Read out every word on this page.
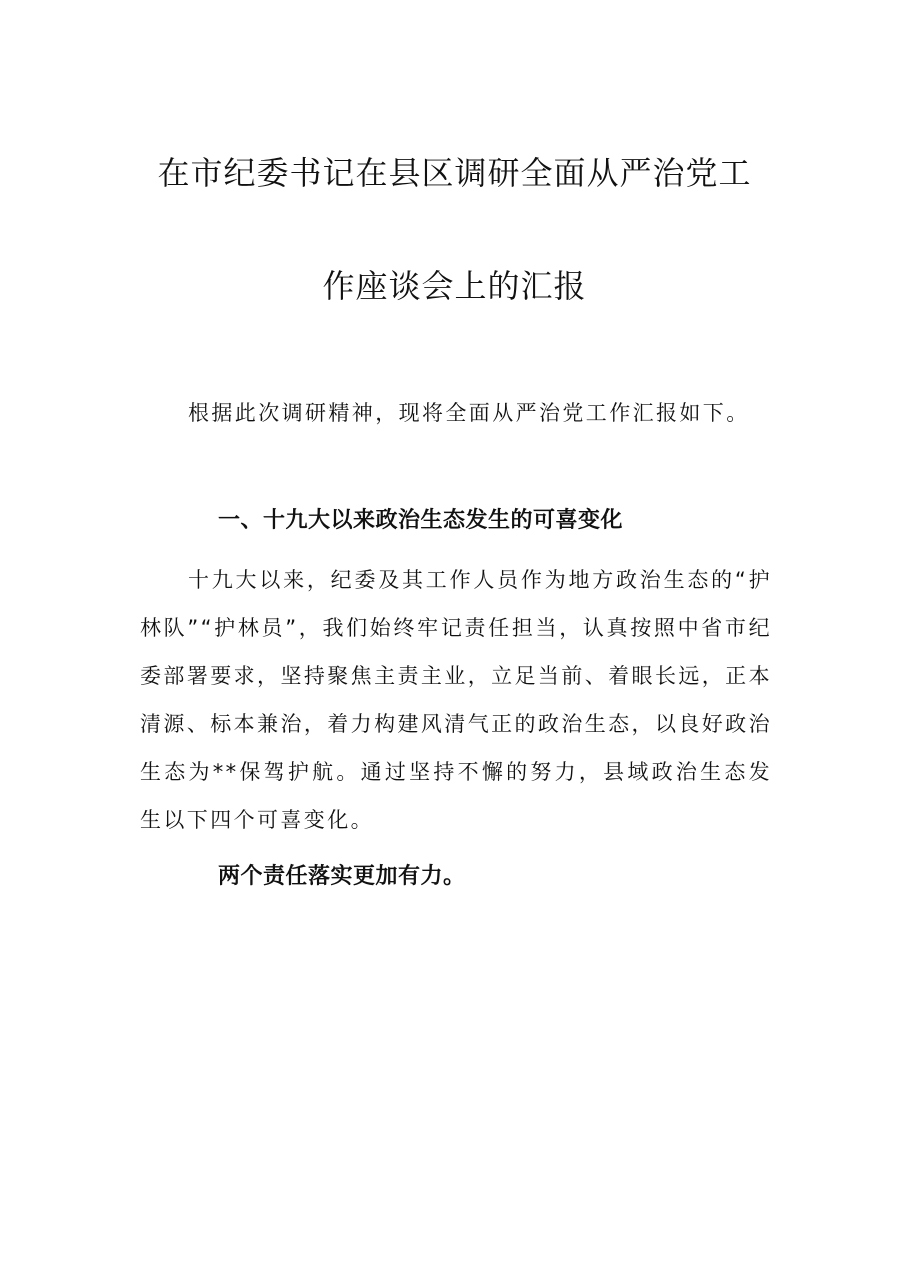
在市纪委书记在县区调研全面从严治党工
作座谈会上的汇报
根据此次调研精神，现将全面从严治党工作汇报如下。
一、十九大以来政治生态发生的可喜变化
十九大以来，纪委及其工作人员作为地方政治生态的“护林队”“护林员”，我们始终牢记责任担当，认真按照中省市纪委部署要求，坚持聚焦主责主业，立足当前、着眼长远，正本清源、标本兼治，着力构建风清气正的政治生态，以良好政治生态为**保驾护航。通过坚持不懈的努力，县域政治生态发生以下四个可喜变化。
两个责任落实更加有力。
